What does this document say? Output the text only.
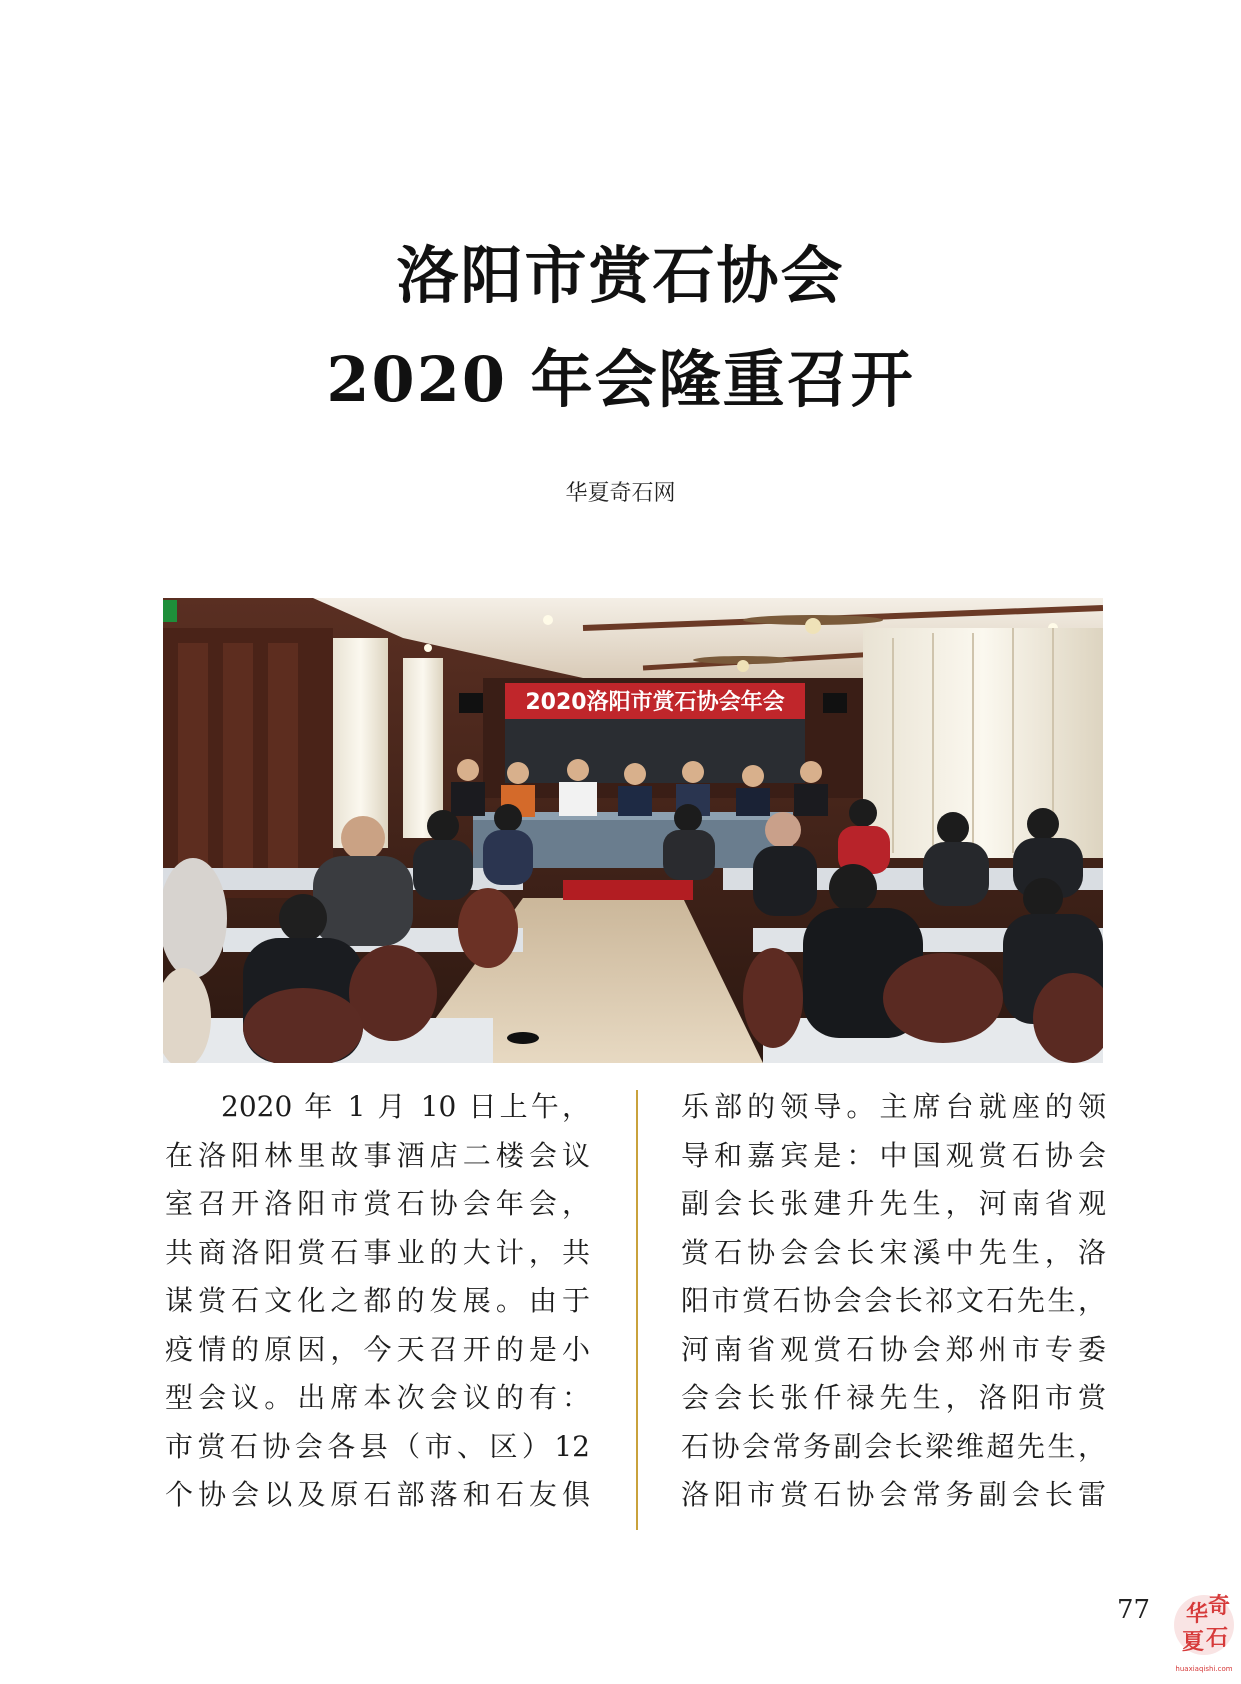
洛阳市赏石协会
2020 年会隆重召开
华夏奇石网
2020洛阳市赏石协会年会
2020 年 1 月 10 日上午，
在洛阳林里故事酒店二楼会议
室召开洛阳市赏石协会年会，
共商洛阳赏石事业的大计，共
谋赏石文化之都的发展。由于
疫情的原因，今天召开的是小
型会议。出席本次会议的有：
市赏石协会各县（市、区）12
个协会以及原石部落和石友俱
乐部的领导。主席台就座的领
导和嘉宾是：中国观赏石协会
副会长张建升先生，河南省观
赏石协会会长宋溪中先生，洛
阳市赏石协会会长祁文石先生，
河南省观赏石协会郑州市专委
会会长张仟禄先生，洛阳市赏
石协会常务副会长梁维超先生，
洛阳市赏石协会常务副会长雷
77 华 奇
夏 石
huaxiaqishi.com
